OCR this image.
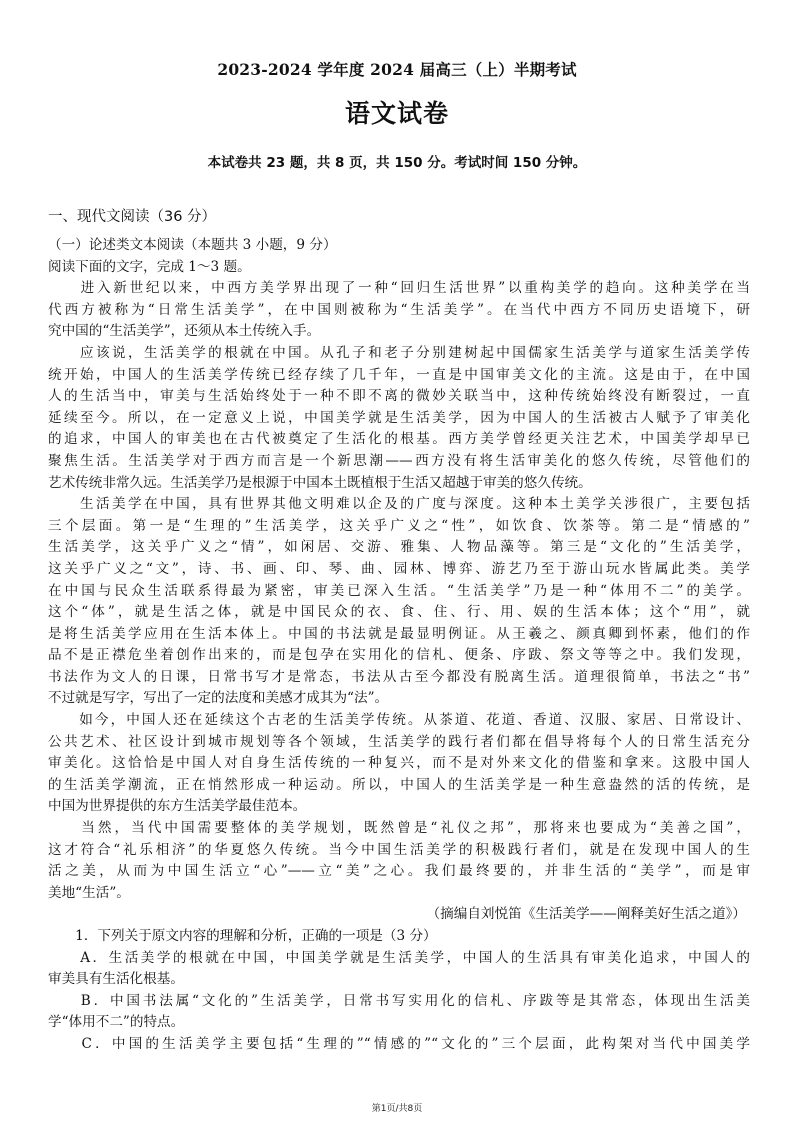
2023-2024 学年度 2024 届高三（上）半期考试
语文试卷
本试卷共 23 题，共 8 页，共 150 分。考试时间 150 分钟。
一、现代文阅读（36 分）
（一）论述类文本阅读（本题共 3 小题，9 分）
阅读下面的文字，完成 1～3 题。
　　进入新世纪以来，中西方美学界出现了一种“回归生活世界”以重构美学的趋向。这种美学在当
代西方被称为“日常生活美学”，在中国则被称为“生活美学”。在当代中西方不同历史语境下，研
究中国的“生活美学”，还须从本土传统入手。
　　应该说，生活美学的根就在中国。从孔子和老子分别建树起中国儒家生活美学与道家生活美学传
统开始，中国人的生活美学传统已经存续了几千年，一直是中国审美文化的主流。这是由于，在中国
人的生活当中，审美与生活始终处于一种不即不离的微妙关联当中，这种传统始终没有断裂过，一直
延续至今。所以，在一定意义上说，中国美学就是生活美学，因为中国人的生活被古人赋予了审美化
的追求，中国人的审美也在古代被奠定了生活化的根基。西方美学曾经更关注艺术，中国美学却早已
聚焦生活。生活美学对于西方而言是一个新思潮——西方没有将生活审美化的悠久传统，尽管他们的
艺术传统非常久远。生活美学乃是根源于中国本土既植根于生活又超越于审美的悠久传统。
　　生活美学在中国，具有世界其他文明难以企及的广度与深度。这种本土美学关涉很广，主要包括
三个层面。第一是“生理的”生活美学，这关乎广义之“性”，如饮食、饮茶等。第二是“情感的”
生活美学，这关乎广义之“情”，如闲居、交游、雅集、人物品藻等。第三是“文化的”生活美学，
这关乎广义之“文”，诗、书、画、印、琴、曲、园林、博弈、游艺乃至于游山玩水皆属此类。美学
在中国与民众生活联系得最为紧密，审美已深入生活。“生活美学”乃是一种“体用不二”的美学。
这个“体”，就是生活之体，就是中国民众的衣、食、住、行、用、娱的生活本体；这个“用”，就
是将生活美学应用在生活本体上。中国的书法就是最显明例证。从王羲之、颜真卿到怀素，他们的作
品不是正襟危坐着创作出来的，而是包孕在实用化的信札、便条、序跋、祭文等等之中。我们发现，
书法作为文人的日课，日常书写才是常态，书法从古至今都没有脱离生活。道理很简单，书法之“书”
不过就是写字，写出了一定的法度和美感才成其为“法”。
　　如今，中国人还在延续这个古老的生活美学传统。从茶道、花道、香道、汉服、家居、日常设计、
公共艺术、社区设计到城市规划等各个领域，生活美学的践行者们都在倡导将每个人的日常生活充分
审美化。这恰恰是中国人对自身生活传统的一种复兴，而不是对外来文化的借鉴和拿来。这股中国人
的生活美学潮流，正在悄然形成一种运动。所以，中国人的生活美学是一种生意盎然的活的传统，是
中国为世界提供的东方生活美学最佳范本。
　　当然，当代中国需要整体的美学规划，既然曾是“礼仪之邦”，那将来也要成为“美善之国”，
这才符合“礼乐相济”的华夏悠久传统。当今中国生活美学的积极践行者们，就是在发现中国人的生
活之美，从而为中国生活立“心”——立“美”之心。我们最终要的，并非生活的“美学”，而是审
美地“生活”。
（摘编自刘悦笛《生活美学——阐释美好生活之道》）
　　1．下列关于原文内容的理解和分析，正确的一项是（3 分）
　　A．生活美学的根就在中国，中国美学就是生活美学，中国人的生活具有审美化追求，中国人的
审美具有生活化根基。
　　B．中国书法属“文化的”生活美学，日常书写实用化的信札、序跋等是其常态，体现出生活美
学“体用不二”的特点。
　　C．中国的生活美学主要包括“生理的”“情感的”“文化的”三个层面，此构架对当代中国美学
第1页/共8页
